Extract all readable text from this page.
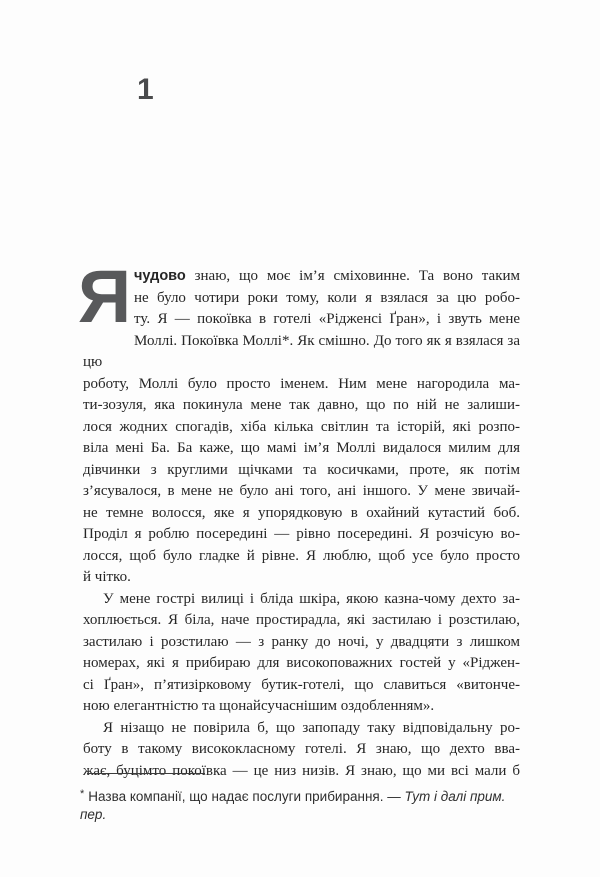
1
Я чудово знаю, що моє ім’я сміховинне. Та воно таким
не було чотири роки тому, коли я взялася за цю робо-
ту. Я — покоївка в готелі «Рідженсі Ґран», і звуть мене
Моллі. Покоївка Моллі*. Як смішно. До того як я взялася за цю
роботу, Моллі було просто іменем. Ним мене нагородила ма-
ти-зозуля, яка покинула мене так давно, що по ній не залиши-
лося жодних спогадів, хіба кілька світлин та історій, які розпо-
віла мені Ба. Ба каже, що мамі ім’я Моллі видалося милим для
дівчинки з круглими щічками та косичками, проте, як потім
з’ясувалося, в мене не було ані того, ані іншого. У мене звичай-
не темне волосся, яке я упорядковую в охайний кутастий боб.
Проділ я роблю посередині — рівно посередині. Я розчісую во-
лосся, щоб було гладке й рівне. Я люблю, щоб усе було просто
й чітко.
У мене гострі вилиці і бліда шкіра, якою казна-чому дехто за-
хоплюється. Я біла, наче простирадла, які застилаю і розстилаю,
застилаю і розстилаю — з ранку до ночі, у двадцяти з лишком
номерах, які я прибираю для високоповажних гостей у «Ріджен-
сі Ґран», п’ятизірковому бутик-готелі, що славиться «витонче-
ною елегантністю та щонайсучаснішим оздобленням».
Я нізащо не повірила б, що запопаду таку відповідальну ро-
боту в такому висококласному готелі. Я знаю, що дехто вва-
жає, буцімто покоївка — це низ низів. Я знаю, що ми всі мали б
* Назва компанії, що надає послуги прибирання. — Тут і далі прим. пер.
